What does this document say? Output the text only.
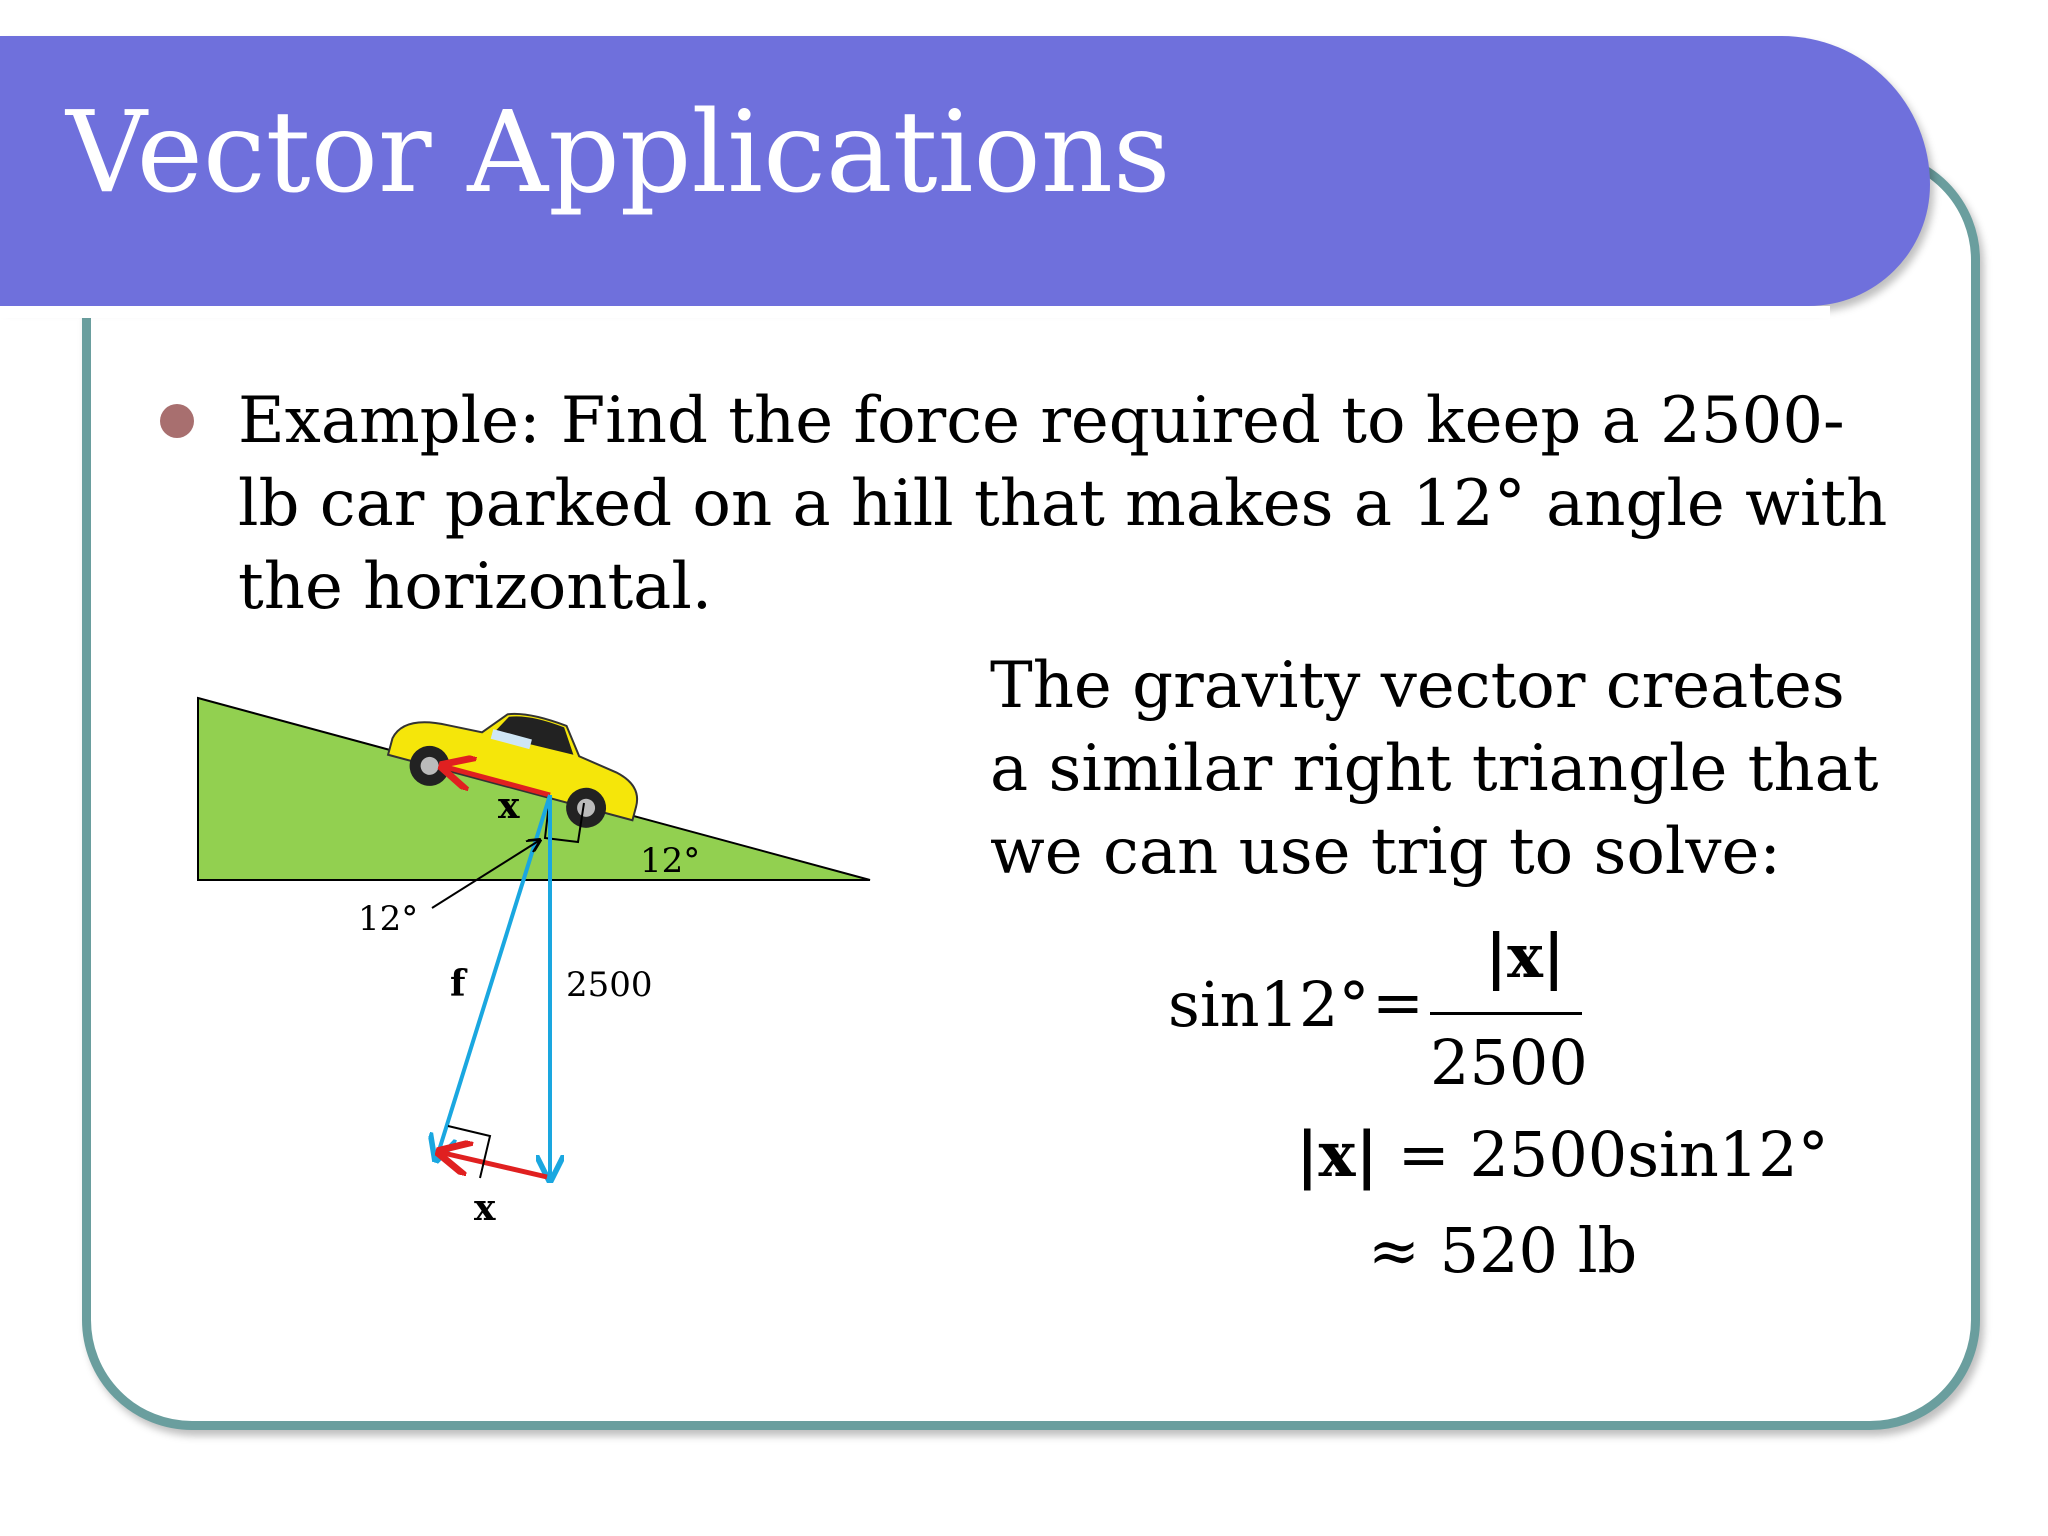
Vector Applications

Example: Find the force required to keep a 2500-lb car parked on a hill that makes a 12° angle with the horizontal.

The gravity vector creates a similar right triangle that we can use trig to solve:

x
12°
12°
f	2500
x
sin12° =
|x|
2500
|x| = 2500sin12°
≈ 520 lb
